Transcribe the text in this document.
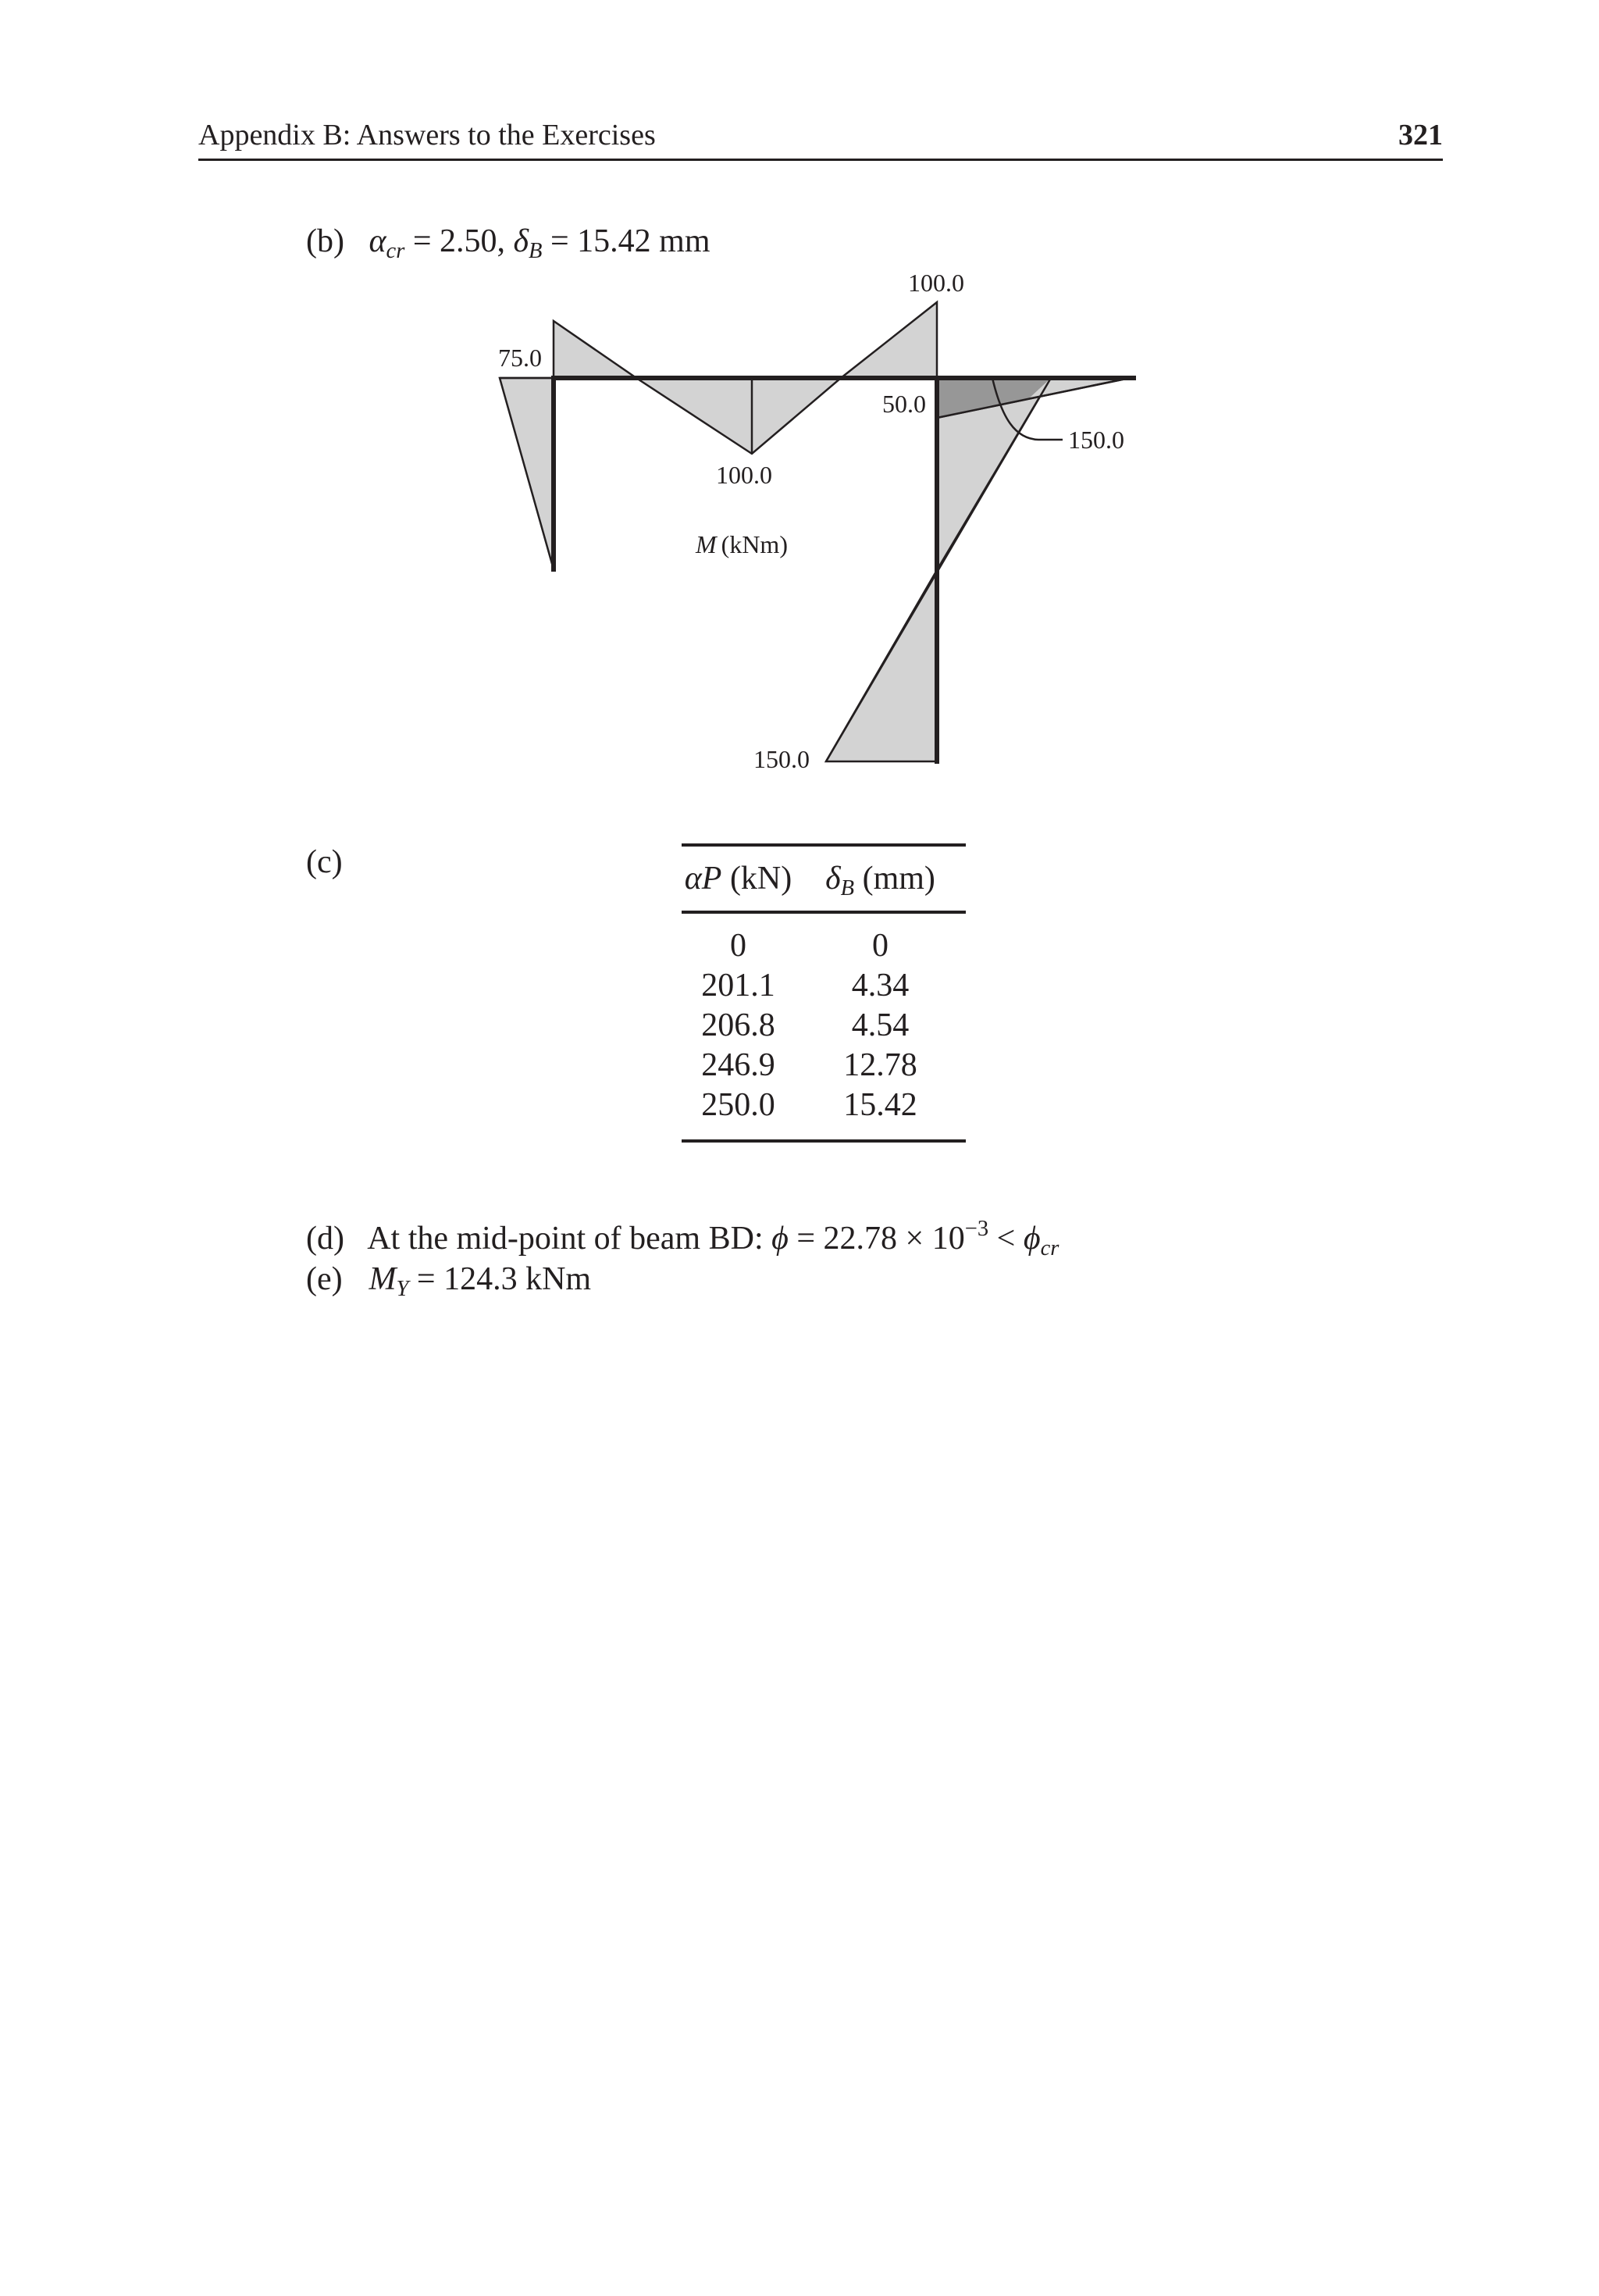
Appendix B: Answers to the Exercises	321
(b) $\alpha_{cr} = 2.50$, $\delta_B = 15.42$ mm
75.0
100.0
100.0
50.0
150.0
150.0
M (kNm)
(c)	αP (kN)	$\delta_B$ (mm)
0	0
201.1	4.34
206.8	4.54
246.9	12.78
250.0	15.42
(d) At the mid-point of beam BD: $\phi = 22.78 \times 10^{-3} < \phi_{cr}$
(e) $M_Y = 124.3$ kNm
